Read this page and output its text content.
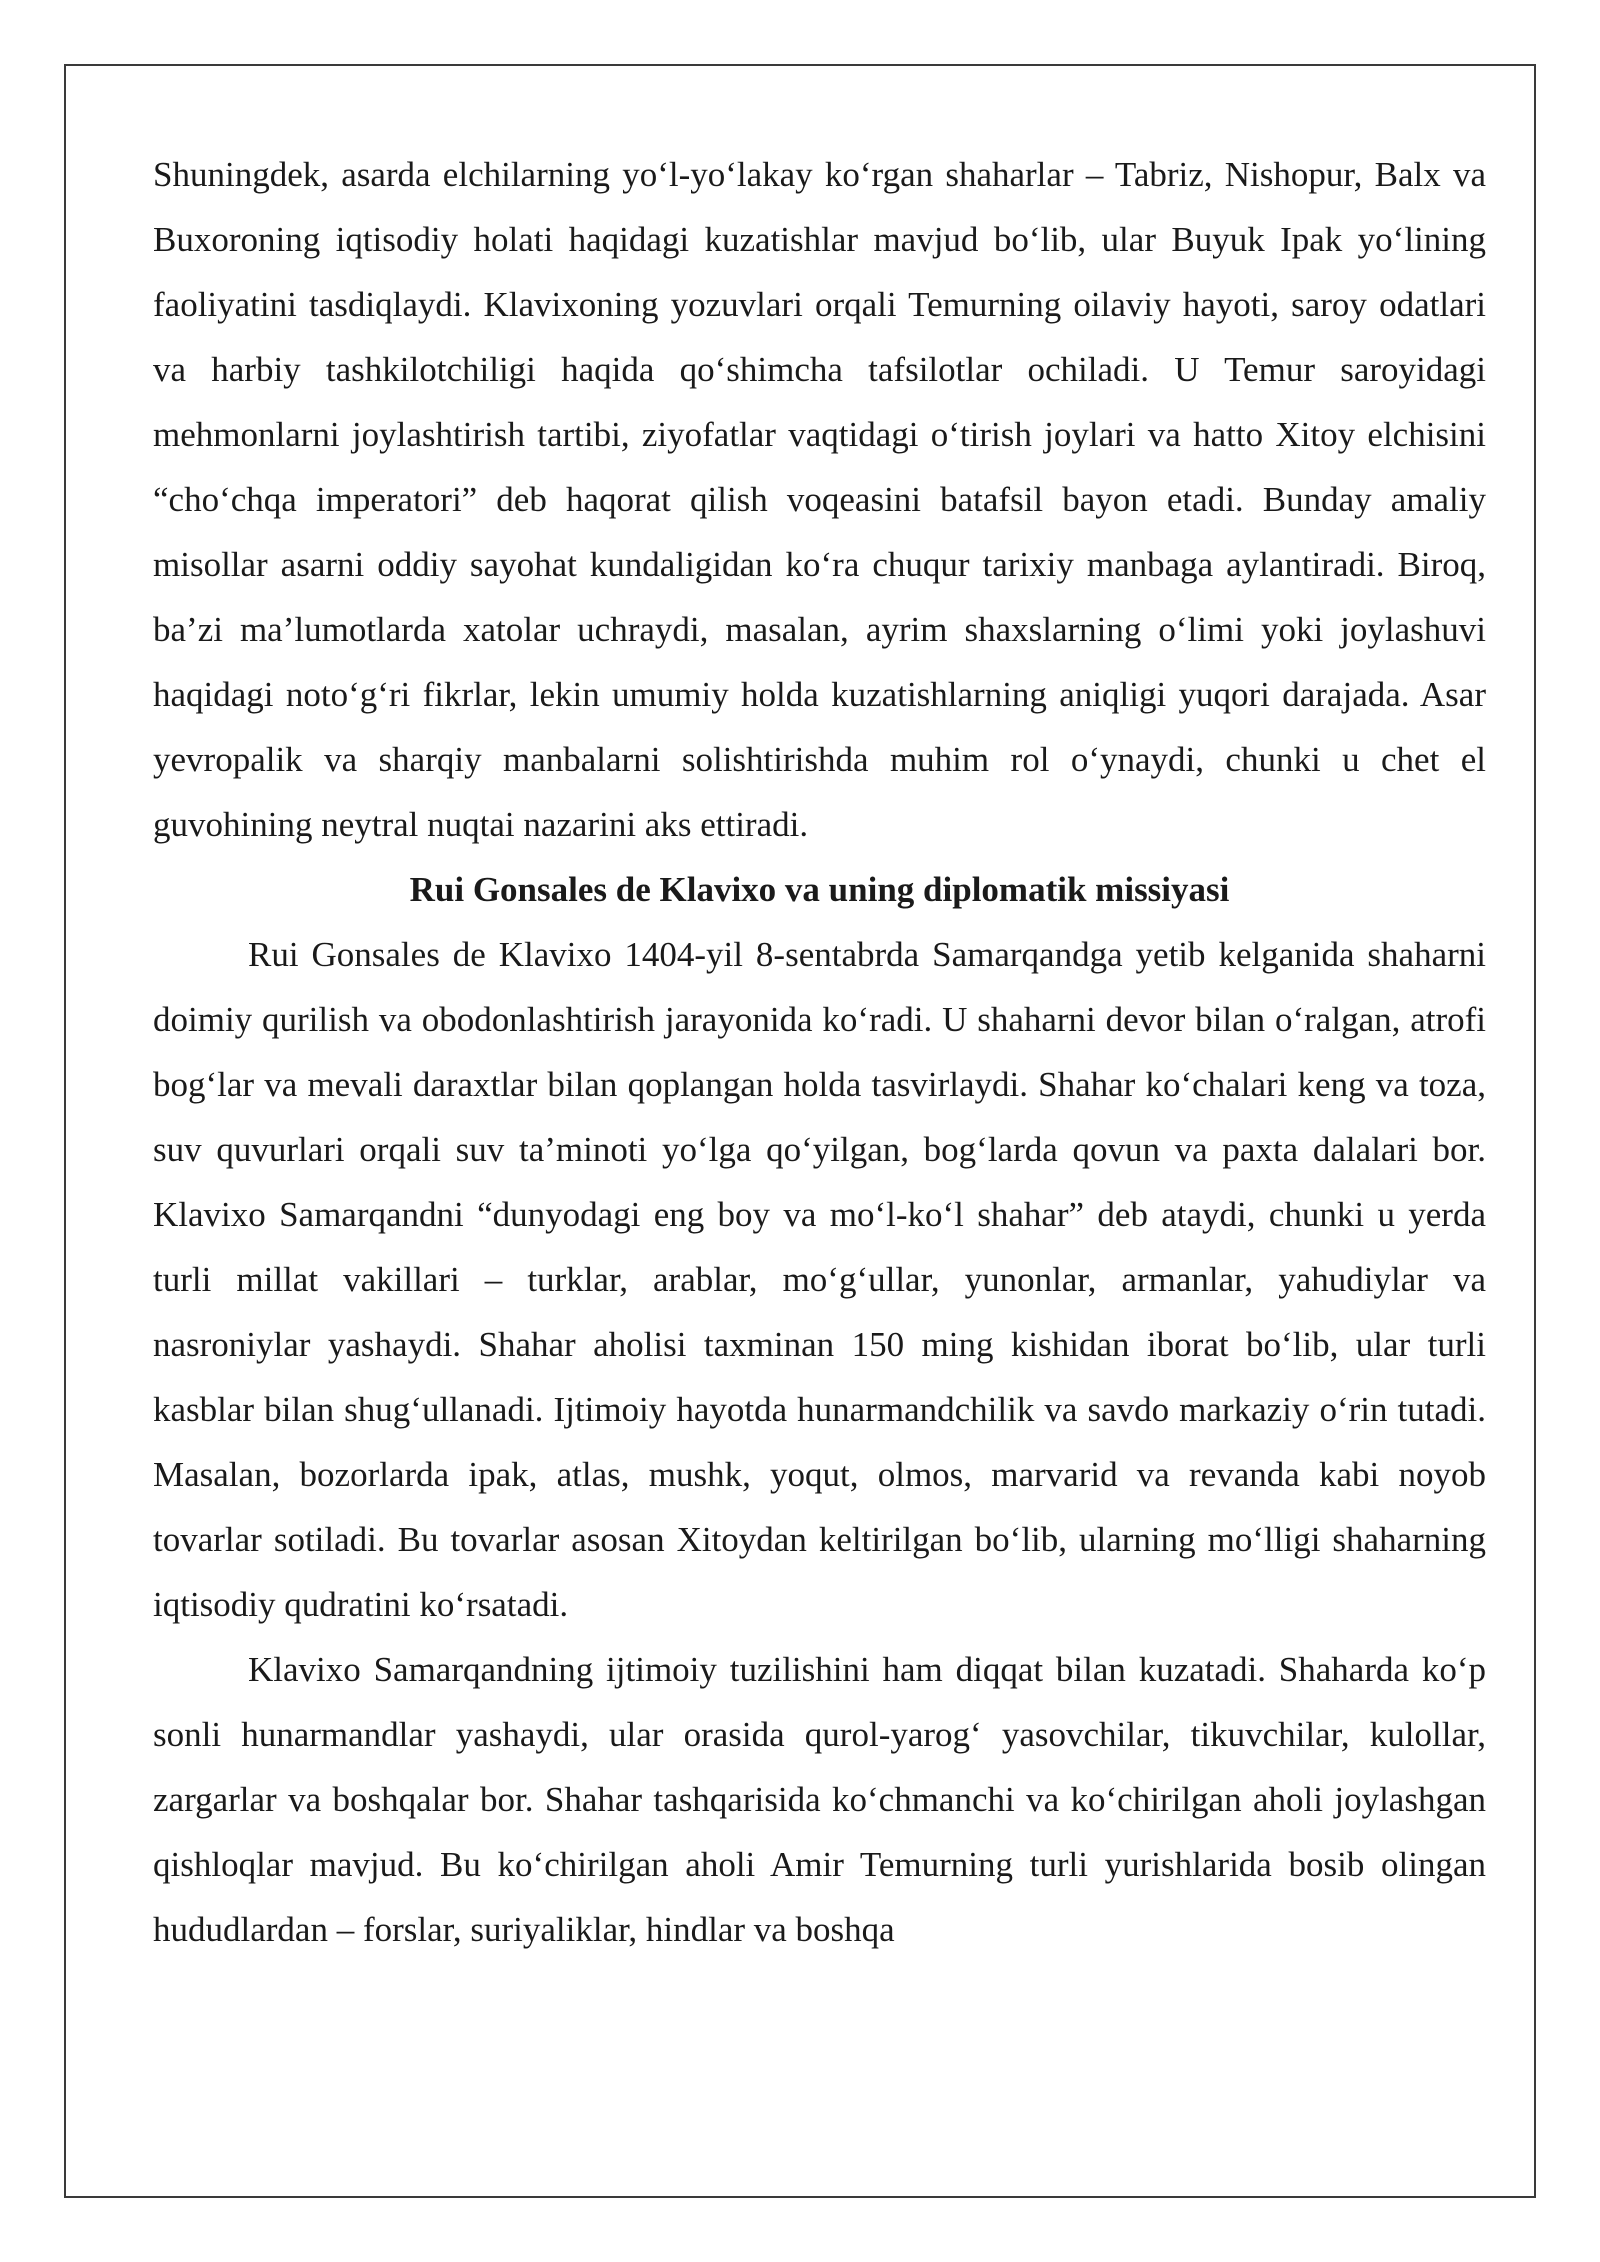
Shuningdek, asarda elchilarning yo‘l-yo‘lakay ko‘rgan shaharlar – Tabriz, Nishopur, Balx va Buxoroning iqtisodiy holati haqidagi kuzatishlar mavjud bo‘lib, ular Buyuk Ipak yo‘lining faoliyatini tasdiqlaydi. Klavixoning yozuvlari orqali Temurning oilaviy hayoti, saroy odatlari va harbiy tashkilotchiligi haqida qo‘shimcha tafsilotlar ochiladi. U Temur saroyidagi mehmonlarni joylashtirish tartibi, ziyofatlar vaqtidagi o‘tirish joylari va hatto Xitoy elchisini “cho‘chqa imperatori” deb haqorat qilish voqeasini batafsil bayon etadi. Bunday amaliy misollar asarni oddiy sayohat kundaligidan ko‘ra chuqur tarixiy manbaga aylantiradi. Biroq, ba’zi ma’lumotlarda xatolar uchraydi, masalan, ayrim shaxslarning o‘limi yoki joylashuvi haqidagi noto‘g‘ri fikrlar, lekin umumiy holda kuzatishlarning aniqligi yuqori darajada. Asar yevropalik va sharqiy manbalarni solishtirishda muhim rol o‘ynaydi, chunki u chet el guvohining neytral nuqtai nazarini aks ettiradi.

Rui Gonsales de Klavixo va uning diplomatik missiyasi

Rui Gonsales de Klavixo 1404-yil 8-sentabrda Samarqandga yetib kelganida shaharni doimiy qurilish va obodonlashtirish jarayonida ko‘radi. U shaharni devor bilan o‘ralgan, atrofi bog‘lar va mevali daraxtlar bilan qoplangan holda tasvirlaydi. Shahar ko‘chalari keng va toza, suv quvurlari orqali suv ta’minoti yo‘lga qo‘yilgan, bog‘larda qovun va paxta dalalari bor. Klavixo Samarqandni “dunyodagi eng boy va mo‘l-ko‘l shahar” deb ataydi, chunki u yerda turli millat vakillari – turklar, arablar, mo‘g‘ullar, yunonlar, armanlar, yahudiylar va nasroniylar yashaydi. Shahar aholisi taxminan 150 ming kishidan iborat bo‘lib, ular turli kasblar bilan shug‘ullanadi. Ijtimoiy hayotda hunarmandchilik va savdo markaziy o‘rin tutadi. Masalan, bozorlarda ipak, atlas, mushk, yoqut, olmos, marvarid va revanda kabi noyob tovarlar sotiladi. Bu tovarlar asosan Xitoydan keltirilgan bo‘lib, ularning mo‘lligi shaharning iqtisodiy qudratini ko‘rsatadi.

Klavixo Samarqandning ijtimoiy tuzilishini ham diqqat bilan kuzatadi. Shaharda ko‘p sonli hunarmandlar yashaydi, ular orasida qurol-yarog‘ yasovchilar, tikuvchilar, kulollar, zargarlar va boshqalar bor. Shahar tashqarisida ko‘chmanchi va ko‘chirilgan aholi joylashgan qishloqlar mavjud. Bu ko‘chirilgan aholi Amir Temurning turli yurishlarida bosib olingan hududlardan – forslar, suriyaliklar, hindlar va boshqa
